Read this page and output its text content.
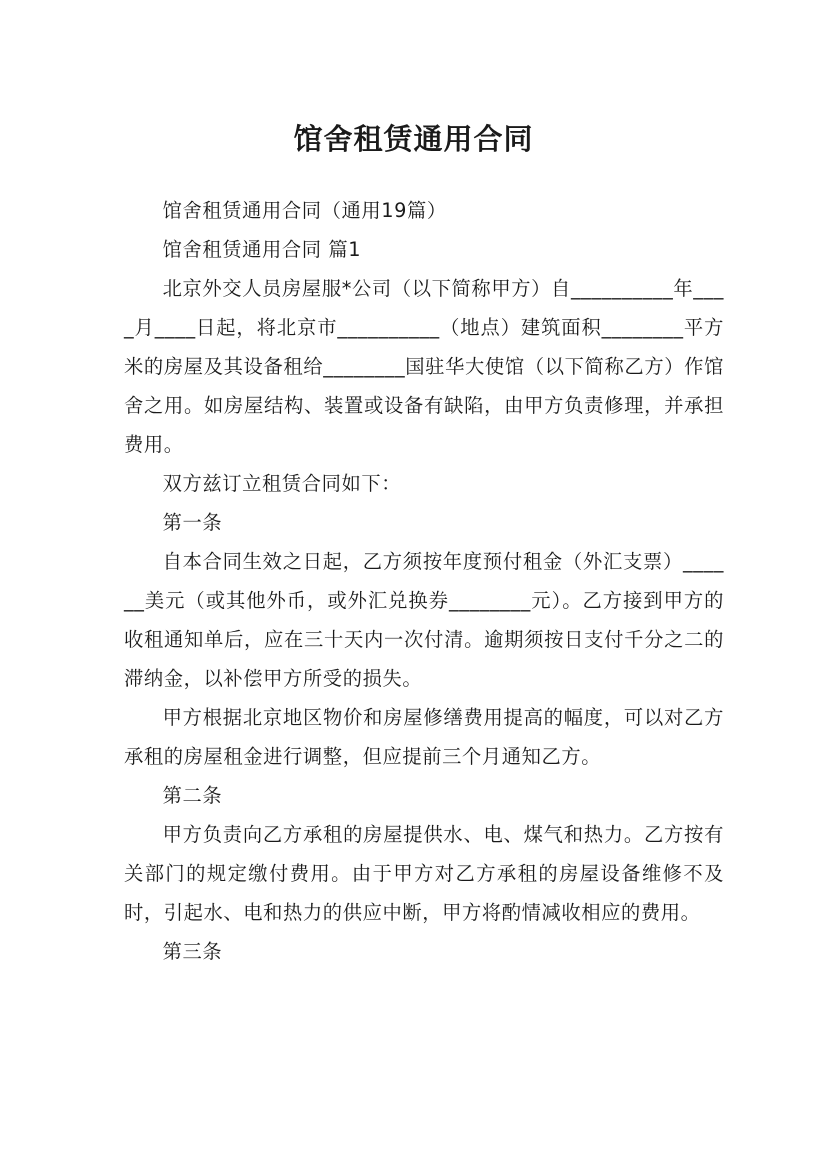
馆舍租赁通用合同

馆舍租赁通用合同（通用19篇）

馆舍租赁通用合同 篇1

北京外交人员房屋服*公司（以下简称甲方）自__________年____月____日起，将北京市__________（地点）建筑面积________平方米的房屋及其设备租给________国驻华大使馆（以下简称乙方）作馆舍之用。如房屋结构、装置或设备有缺陷，由甲方负责修理，并承担费用。

双方兹订立租赁合同如下：

第一条

自本合同生效之日起，乙方须按年度预付租金（外汇支票）______美元（或其他外币，或外汇兑换券________元）。乙方接到甲方的收租通知单后，应在三十天内一次付清。逾期须按日支付千分之二的滞纳金，以补偿甲方所受的损失。

甲方根据北京地区物价和房屋修缮费用提高的幅度，可以对乙方承租的房屋租金进行调整，但应提前三个月通知乙方。

第二条

甲方负责向乙方承租的房屋提供水、电、煤气和热力。乙方按有关部门的规定缴付费用。由于甲方对乙方承租的房屋设备维修不及时，引起水、电和热力的供应中断，甲方将酌情减收相应的费用。

第三条
